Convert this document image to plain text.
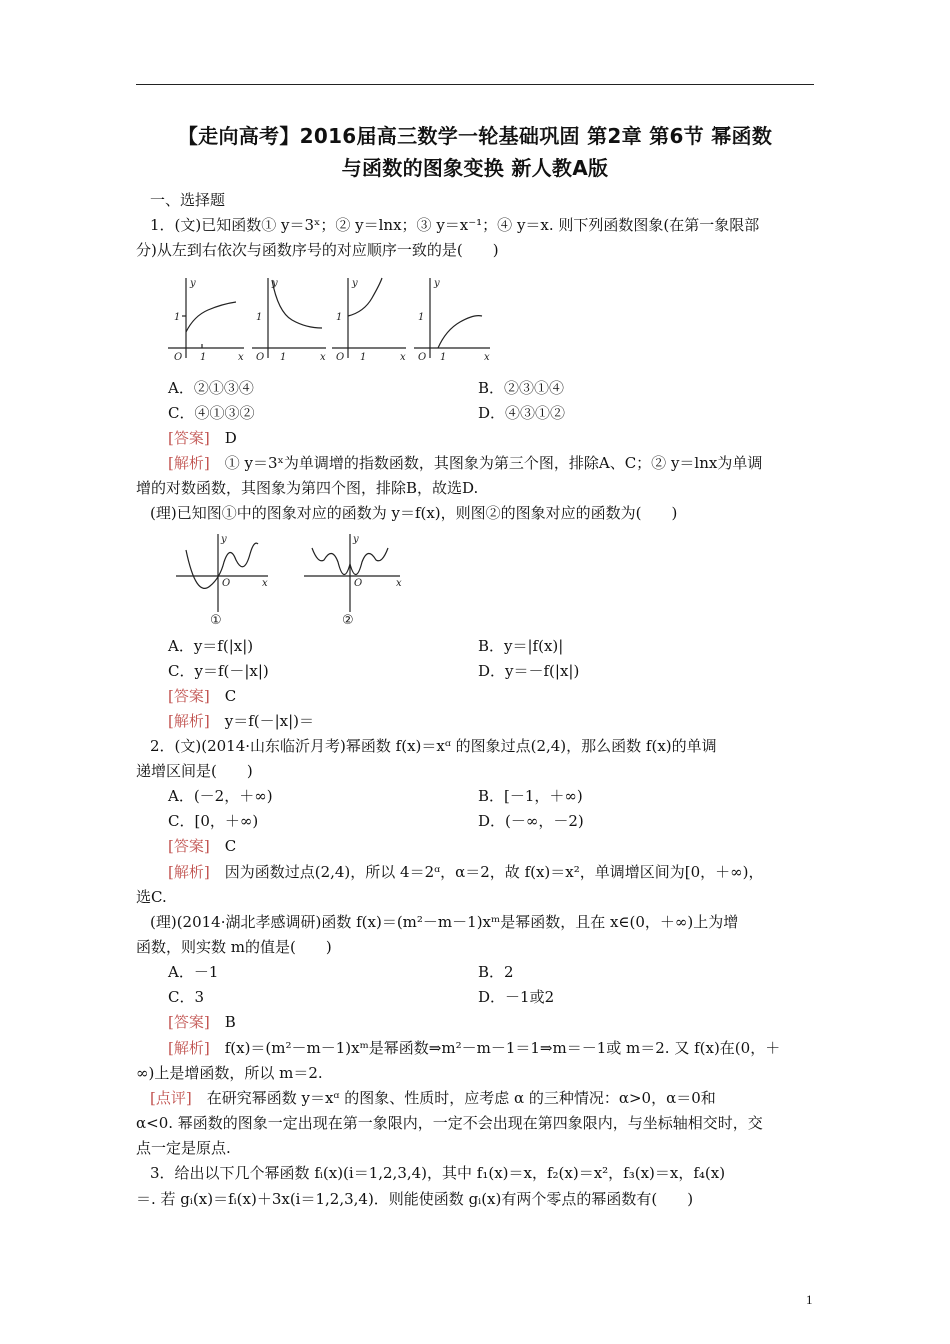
【走向高考】2016届高三数学一轮基础巩固 第2章 第6节 幂函数
与函数的图象变换 新人教A版
一、选择题
1．(文)已知函数① y＝3ˣ；② y＝lnx；③ y＝x⁻¹；④ y＝x. 则下列函数图象(在第一象限部
分)从左到右依次与函数序号的对应顺序一致的是(　　)
y
x
O
1
1
y
x
O
1
1
y
x
O
1
1
y
x
O
1
1
A．②①③④	B．②③①④
C．④①③②	D．④③①②
[答案]　D
[解析]　① y＝3ˣ为单调增的指数函数，其图象为第三个图，排除A、C；② y＝lnx为单调
增的对数函数，其图象为第四个图，排除B，故选D.
(理)已知图①中的图象对应的函数为 y＝f(x)，则图②的图象对应的函数为(　　)
y
x
O
y
x
O
①	②
A．y＝f(|x|)	B．y＝|f(x)|
C．y＝f(－|x|)	D．y＝－f(|x|)
[答案]　C
[解析]　y＝f(－|x|)＝
2．(文)(2014·山东临沂月考)幂函数 f(x)＝xᵅ 的图象过点(2,4)，那么函数 f(x)的单调
递增区间是(　　)
A．(－2，＋∞)	B．[－1，＋∞)
C．[0，＋∞)	D．(－∞，－2)
[答案]　C
[解析]　因为函数过点(2,4)，所以 4＝2ᵅ，α＝2，故 f(x)＝x²，单调增区间为[0，＋∞)，
选C.
(理)(2014·湖北孝感调研)函数 f(x)＝(m²－m－1)xᵐ是幂函数，且在 x∈(0，＋∞)上为增
函数，则实数 m的值是(　　)
A．－1	B．2
C．3	D．－1或2
[答案]　B
[解析]　f(x)＝(m²－m－1)xᵐ是幂函数⇒m²－m－1＝1⇒m＝－1或 m＝2. 又 f(x)在(0，＋
∞)上是增函数，所以 m＝2.
[点评]　在研究幂函数 y＝xᵅ 的图象、性质时，应考虑 α 的三种情况：α>0，α＝0和
α<0. 幂函数的图象一定出现在第一象限内，一定不会出现在第四象限内，与坐标轴相交时，交
点一定是原点.
3．给出以下几个幂函数 fᵢ(x)(i＝1,2,3,4)，其中 f₁(x)＝x，f₂(x)＝x²，f₃(x)＝x，f₄(x)
＝. 若 gᵢ(x)＝fᵢ(x)＋3x(i＝1,2,3,4)．则能使函数 gᵢ(x)有两个零点的幂函数有(　　)
1
